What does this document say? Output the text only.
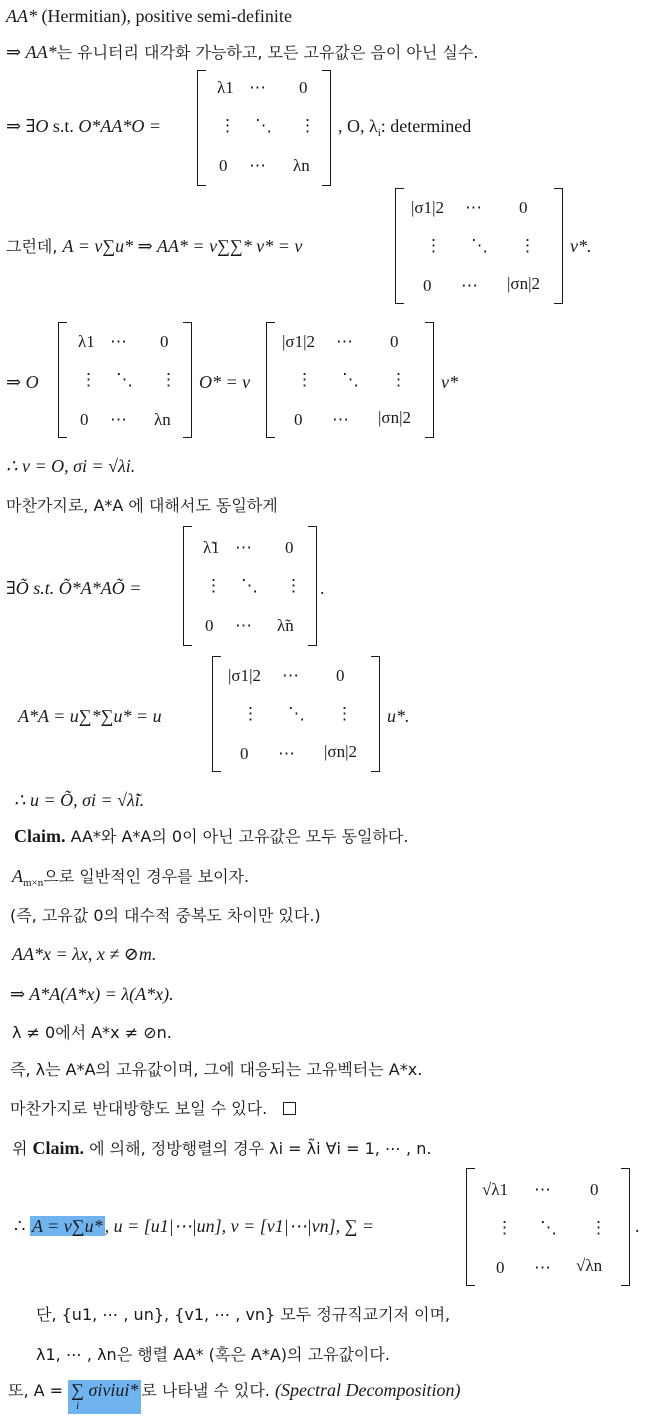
AA* (Hermitian), positive semi-definite
⇒ AA*는 유니터리 대각화 가능하고, 모든 고유값은 음이 아닌 실수.
⇒ ∃O s.t. O*AA*O =
λ1 ⋯ 0
⋮ ⋱ ⋮
0 ⋯ λn
, O, $\lambda_i$: determined
그런데, A = v∑u* ⇒ AA* = v∑∑* v* = v
|σ1|2 ⋯ 0
⋮ ⋱ ⋮
0 ⋯ |σn|2
v*.
⇒ O
λ1 ⋯ 0
⋮ ⋱ ⋮
0 ⋯ λn
O* = v
|σ1|2 ⋯ 0
⋮ ⋱ ⋮
0 ⋯ |σn|2
v*
∴ v = O, σi = √λi.
마찬가지로, A*A 에 대해서도 동일하게
∃Õ s.t. Õ*A*AÕ =
λ̃1 ⋯ 0
⋮ ⋱ ⋮
0 ⋯ λ̃n
.
A*A = u∑*∑u* = u
|σ1|2 ⋯ 0
⋮ ⋱ ⋮
0 ⋯ |σn|2
u*.
∴ u = Õ, σi = √λ̃i.
Claim. AA*와 A*A의 0이 아닌 고유값은 모두 동일하다.
$A_{m\times n}$으로 일반적인 경우를 보이자.
(즉, 고유값 0의 대수적 중복도 차이만 있다.)
AA*x = λx, x ≠ ⊘m.
⇒ A*A(A*x) = λ(A*x).
λ ≠ 0에서 A*x ≠ ⊘n.
즉, λ는 A*A의 고유값이며, 그에 대응되는 고유벡터는 A*x.
마찬가지로 반대방향도 보일 수 있다.
위 Claim. 에 의해, 정방행렬의 경우 λi = λ̃i ∀i = 1, ⋯ , n.
∴ A = v∑u* , u = [u1|⋯|un], v = [v1|⋯|vn], ∑ =
√λ1 ⋯ 0
⋮ ⋱ ⋮
0 ⋯ √λn
.
단, {u1, ⋯ , un}, {v1, ⋯ , vn} 모두 정규직교기저 이며,
λ1, ⋯ , λn은 행렬 AA* (혹은 A*A)의 고유값이다.
또, A = ∑ σiviui*
i
로 나타낼 수 있다. (Spectral Decomposition)
